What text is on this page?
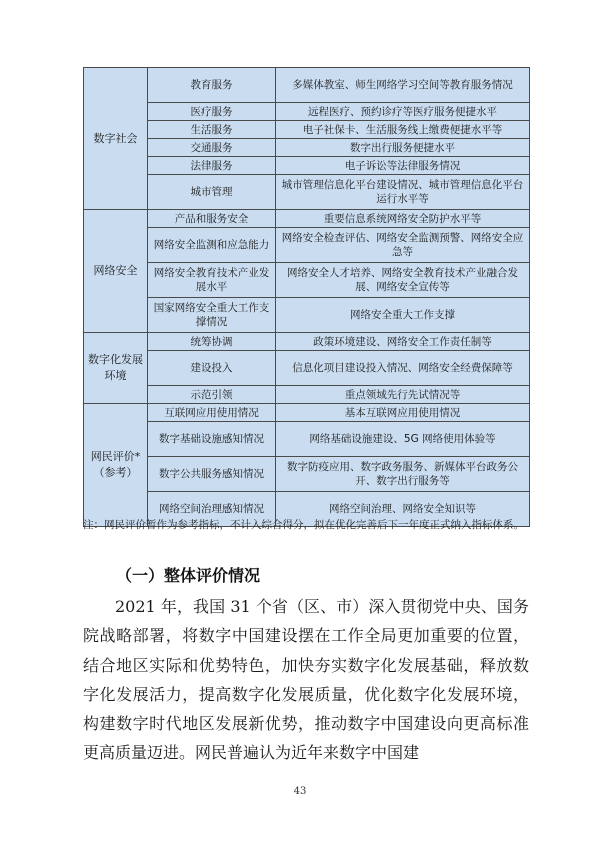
数字社会	教育服务	多媒体教室、师生网络学习空间等教育服务情况
	医疗服务	远程医疗、预约诊疗等医疗服务便捷水平
	生活服务	电子社保卡、生活服务线上缴费便捷水平等
	交通服务	数字出行服务便捷水平
	法律服务	电子诉讼等法律服务情况
	城市管理	城市管理信息化平台建设情况、城市管理信息化平台运行水平等
网络安全	产品和服务安全	重要信息系统网络安全防护水平等
	网络安全监测和应急能力	网络安全检查评估、网络安全监测预警、网络安全应急等
	网络安全教育技术产业发展水平	网络安全人才培养、网络安全教育技术产业融合发展、网络安全宣传等
	国家网络安全重大工作支撑情况	网络安全重大工作支撑
数字化发展环境	统筹协调	政策环境建设、网络安全工作责任制等
	建设投入	信息化项目建设投入情况、网络安全经费保障等
	示范引领	重点领域先行先试情况等
网民评价*（参考）	互联网应用使用情况	基本互联网应用使用情况
	数字基础设施感知情况	网络基础设施建设、5G 网络使用体验等
	数字公共服务感知情况	数字防疫应用、数字政务服务、新媒体平台政务公开、数字出行服务等
	网络空间治理感知情况	网络空间治理、网络安全知识等
注：网民评价暂作为参考指标，不计入综合得分，拟在优化完善后下一年度正式纳入指标体系。
（一）整体评价情况

2021 年，我国 31 个省（区、市）深入贯彻党中央、国务院战略部署，将数字中国建设摆在工作全局更加重要的位置，结合地区实际和优势特色，加快夯实数字化发展基础，释放数字化发展活力，提高数字化发展质量，优化数字化发展环境，构建数字时代地区发展新优势，推动数字中国建设向更高标准更高质量迈进。网民普遍认为近年来数字中国建

43
